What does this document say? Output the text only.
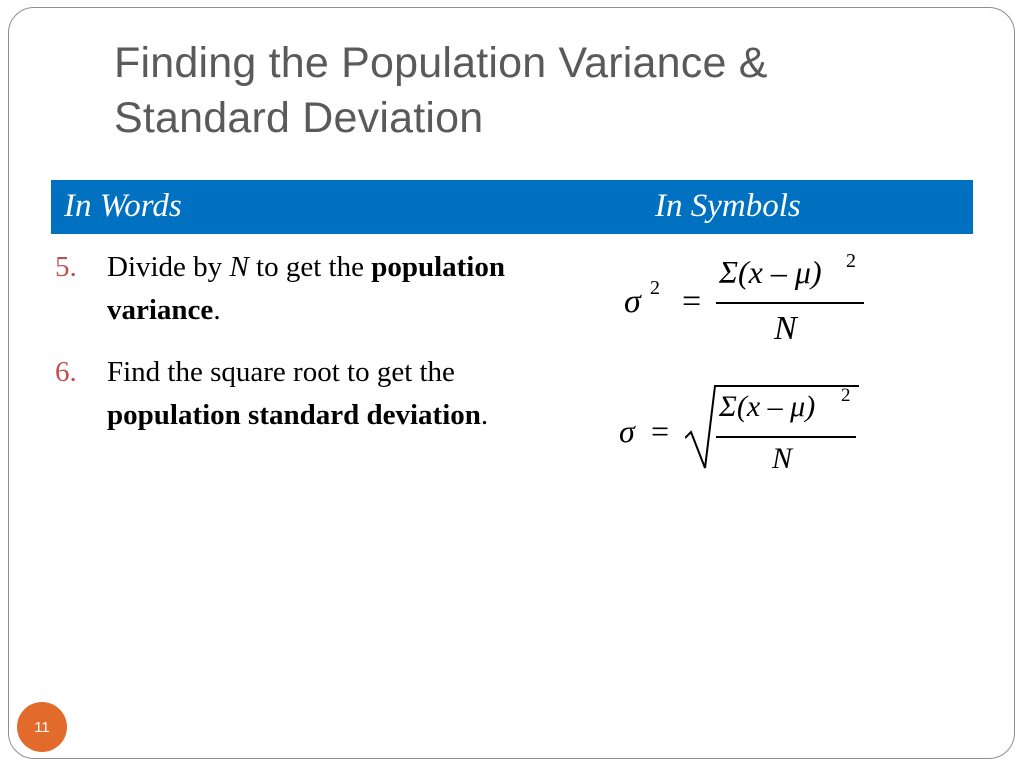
Finding the Population Variance &
Standard Deviation
In Words	In Symbols
5. Divide by N to get the population variance.
6. Find the square root to get the population standard deviation.
σ 2 =
Σ(x – μ) 2
N
σ =
Σ(x – μ) 2
N
11
